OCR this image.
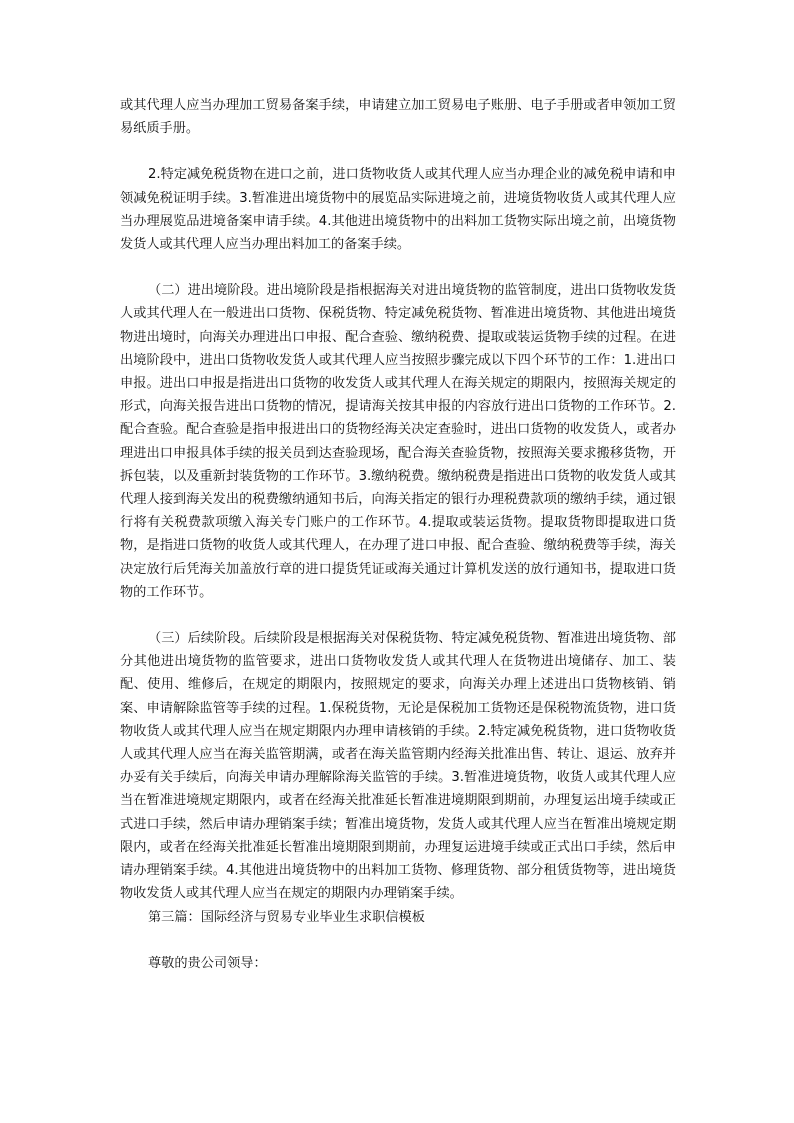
或其代理人应当办理加工贸易备案手续，申请建立加工贸易电子账册、电子手册或者申领加工贸易纸质手册。

2.特定减免税货物在进口之前，进口货物收货人或其代理人应当办理企业的减免税申请和申领减免税证明手续。3.暂准进出境货物中的展览品实际进境之前，进境货物收货人或其代理人应当办理展览品进境备案申请手续。4.其他进出境货物中的出料加工货物实际出境之前，出境货物发货人或其代理人应当办理出料加工的备案手续。

（二）进出境阶段。进出境阶段是指根据海关对进出境货物的监管制度，进出口货物收发货人或其代理人在一般进出口货物、保税货物、特定减免税货物、暂准进出境货物、其他进出境货物进出境时，向海关办理进出口申报、配合查验、缴纳税费、提取或装运货物手续的过程。在进出境阶段中，进出口货物收发货人或其代理人应当按照步骤完成以下四个环节的工作：1.进出口申报。进出口申报是指进出口货物的收发货人或其代理人在海关规定的期限内，按照海关规定的形式，向海关报告进出口货物的情况，提请海关按其申报的内容放行进出口货物的工作环节。2.配合查验。配合查验是指申报进出口的货物经海关决定查验时，进出口货物的收发货人，或者办理进出口申报具体手续的报关员到达查验现场，配合海关查验货物，按照海关要求搬移货物，开拆包装，以及重新封装货物的工作环节。3.缴纳税费。缴纳税费是指进出口货物的收发货人或其代理人接到海关发出的税费缴纳通知书后，向海关指定的银行办理税费款项的缴纳手续，通过银行将有关税费款项缴入海关专门账户的工作环节。4.提取或装运货物。提取货物即提取进口货物，是指进口货物的收货人或其代理人，在办理了进口申报、配合查验、缴纳税费等手续，海关决定放行后凭海关加盖放行章的进口提货凭证或海关通过计算机发送的放行通知书，提取进口货物的工作环节。

（三）后续阶段。后续阶段是根据海关对保税货物、特定减免税货物、暂准进出境货物、部分其他进出境货物的监管要求，进出口货物收发货人或其代理人在货物进出境储存、加工、装配、使用、维修后，在规定的期限内，按照规定的要求，向海关办理上述进出口货物核销、销案、申请解除监管等手续的过程。1.保税货物，无论是保税加工货物还是保税物流货物，进口货物收货人或其代理人应当在规定期限内办理申请核销的手续。2.特定减免税货物，进口货物收货人或其代理人应当在海关监管期满，或者在海关监管期内经海关批准出售、转让、退运、放弃并办妥有关手续后，向海关申请办理解除海关监管的手续。3.暂准进境货物，收货人或其代理人应当在暂准进境规定期限内，或者在经海关批准延长暂准进境期限到期前，办理复运出境手续或正式进口手续，然后申请办理销案手续；暂准出境货物，发货人或其代理人应当在暂准出境规定期限内，或者在经海关批准延长暂准出境期限到期前，办理复运进境手续或正式出口手续，然后申请办理销案手续。4.其他进出境货物中的出料加工货物、修理货物、部分租赁货物等，进出境货物收发货人或其代理人应当在规定的期限内办理销案手续。

第三篇：国际经济与贸易专业毕业生求职信模板

尊敬的贵公司领导：
